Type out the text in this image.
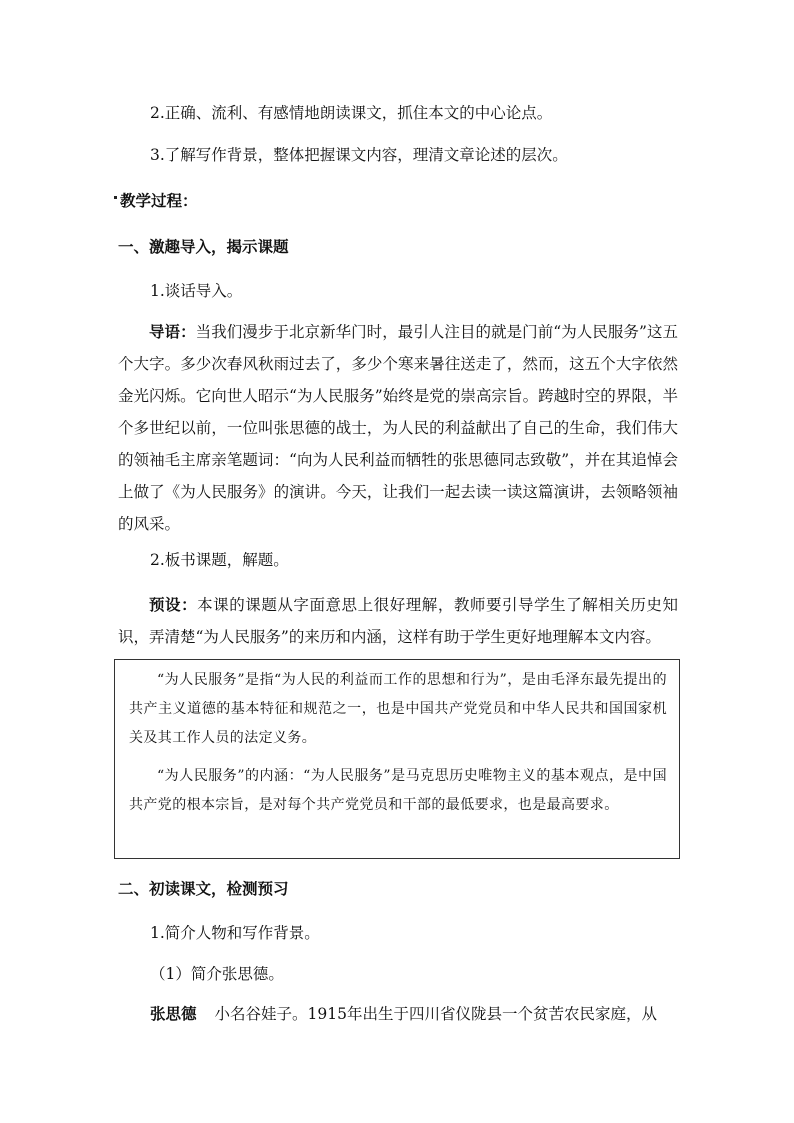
2.正确、流利、有感情地朗读课文，抓住本文的中心论点。
3.了解写作背景，整体把握课文内容，理清文章论述的层次。
教学过程：
一、激趣导入，揭示课题
1.谈话导入。
导语：当我们漫步于北京新华门时，最引人注目的就是门前“为人民服务”这五个大字。多少次春风秋雨过去了，多少个寒来暑往送走了，然而，这五个大字依然金光闪烁。它向世人昭示“为人民服务”始终是党的崇高宗旨。跨越时空的界限，半个多世纪以前，一位叫张思德的战士，为人民的利益献出了自己的生命，我们伟大的领袖毛主席亲笔题词：“向为人民利益而牺牲的张思德同志致敬”，并在其追悼会上做了《为人民服务》的演讲。今天，让我们一起去读一读这篇演讲，去领略领袖的风采。
2.板书课题，解题。
预设：本课的课题从字面意思上很好理解，教师要引导学生了解相关历史知识，弄清楚“为人民服务”的来历和内涵，这样有助于学生更好地理解本文内容。

“为人民服务”是指“为人民的利益而工作的思想和行为”，是由毛泽东最先提出的共产主义道德的基本特征和规范之一，也是中国共产党党员和中华人民共和国国家机关及其工作人员的法定义务。

“为人民服务”的内涵：“为人民服务”是马克思历史唯物主义的基本观点，是中国共产党的根本宗旨，是对每个共产党党员和干部的最低要求，也是最高要求。

二、初读课文，检测预习
1.简介人物和写作背景。
（1）简介张思德。
张思德 小名谷娃子。1915年出生于四川省仪陇县一个贫苦农民家庭，从
